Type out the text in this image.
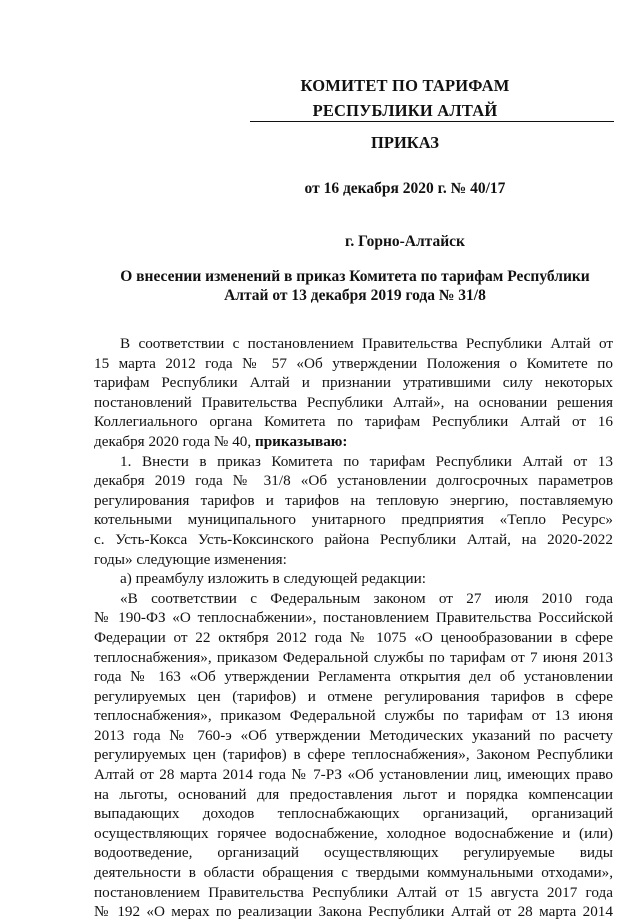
КОМИТЕТ ПО ТАРИФАМ
РЕСПУБЛИКИ АЛТАЙ
ПРИКАЗ
от 16 декабря 2020 г. № 40/17
г. Горно-Алтайск
О внесении изменений в приказ Комитета по тарифам Республики
Алтай от 13 декабря 2019 года № 31/8
В соответствии с постановлением Правительства Республики Алтай от
15 марта 2012 года № 57 «Об утверждении Положения о Комитете по
тарифам Республики Алтай и признании утратившими силу некоторых
постановлений Правительства Республики Алтай», на основании решения
Коллегиального органа Комитета по тарифам Республики Алтай от 16
декабря 2020 года № 40, приказываю:
1. Внести в приказ Комитета по тарифам Республики Алтай от 13
декабря 2019 года № 31/8 «Об установлении долгосрочных параметров
регулирования тарифов и тарифов на тепловую энергию, поставляемую
котельными муниципального унитарного предприятия «Тепло Ресурс»
с. Усть-Кокса Усть-Коксинского района Республики Алтай, на 2020-2022
годы» следующие изменения:
а) преамбулу изложить в следующей редакции:
«В соответствии с Федеральным законом от 27 июля 2010 года
№ 190-ФЗ «О теплоснабжении», постановлением Правительства Российской
Федерации от 22 октября 2012 года № 1075 «О ценообразовании в сфере
теплоснабжения», приказом Федеральной службы по тарифам от 7 июня 2013
года № 163 «Об утверждении Регламента открытия дел об установлении
регулируемых цен (тарифов) и отмене регулирования тарифов в сфере
теплоснабжения», приказом Федеральной службы по тарифам от 13 июня
2013 года № 760-э «Об утверждении Методических указаний по расчету
регулируемых цен (тарифов) в сфере теплоснабжения», Законом Республики
Алтай от 28 марта 2014 года № 7-РЗ «Об установлении лиц, имеющих право
на льготы, оснований для предоставления льгот и порядка компенсации
выпадающих доходов теплоснабжающих организаций, организаций
осуществляющих горячее водоснабжение, холодное водоснабжение и (или)
водоотведение, организаций осуществляющих регулируемые виды
деятельности в области обращения с твердыми коммунальными отходами»,
постановлением Правительства Республики Алтай от 15 августа 2017 года
№ 192 «О мерах по реализации Закона Республики Алтай от 28 марта 2014
